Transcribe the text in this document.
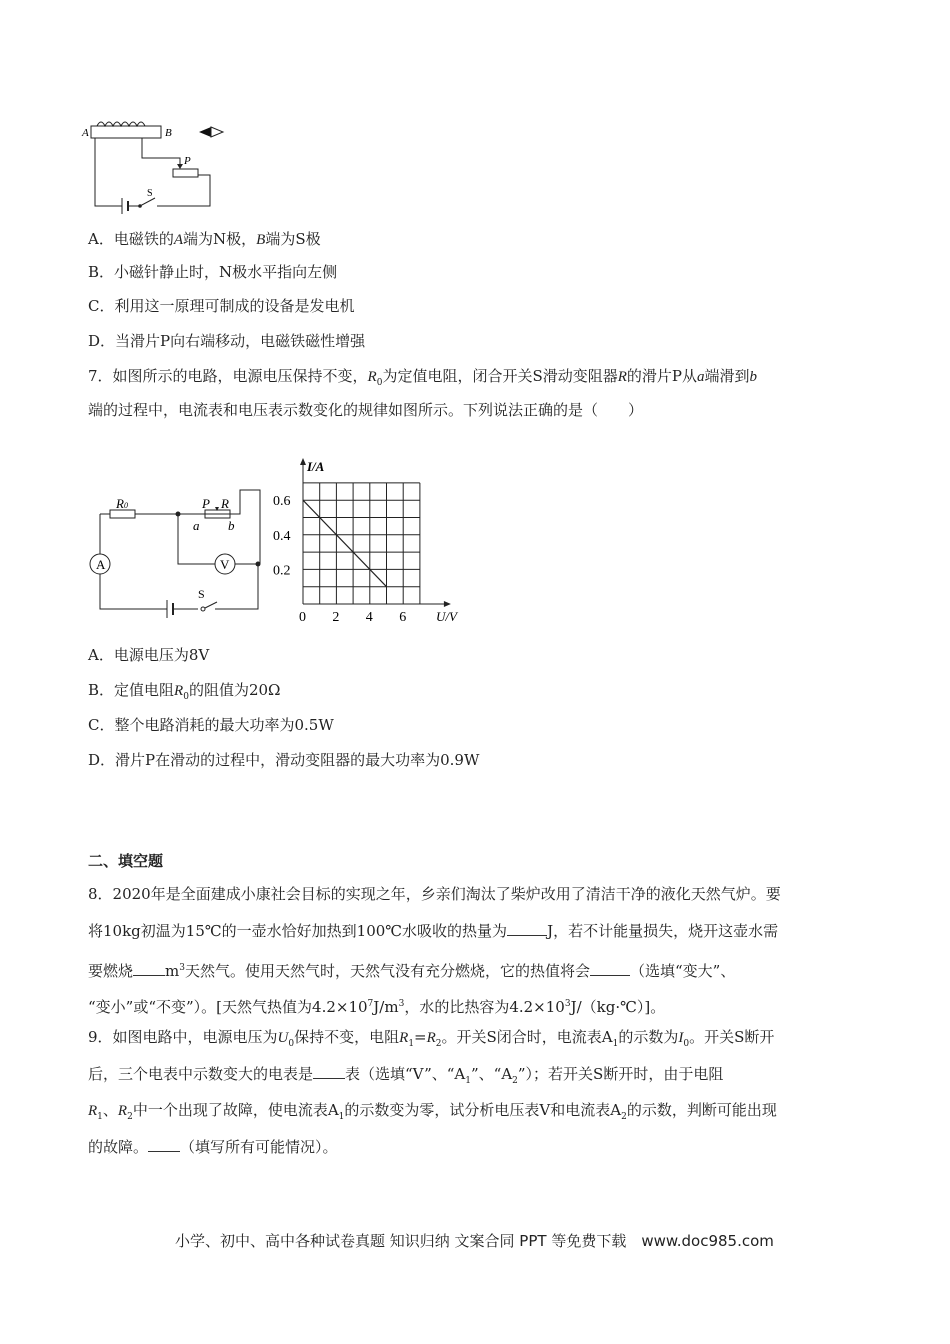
A	B
P
S
A．电磁铁的A端为N极，B端为S极
B．小磁针静止时，N极水平指向左侧
C．利用这一原理可制成的设备是发电机
D．当滑片P向右端移动，电磁铁磁性增强
7．如图所示的电路，电源电压保持不变，$R_0$为定值电阻，闭合开关S滑动变阻器R的滑片P从a端滑到b
端的过程中，电流表和电压表示数变化的规律如图所示。下列说法正确的是（　　）
A	V
R0	P R
a b
S
I/A
U/V
0 2 4 6
0.6
0.4
0.2
A．电源电压为8V
B．定值电阻$R_0$的阻值为20Ω
C．整个电路消耗的最大功率为0.5W
D．滑片P在滑动的过程中，滑动变阻器的最大功率为0.9W
二、填空题
8．2020年是全面建成小康社会目标的实现之年，乡亲们淘汰了柴炉改用了清洁干净的液化天然气炉。要
将10kg初温为15℃的一壶水恰好加热到100℃水吸收的热量为	J，若不计能量损失，烧开这壶水需
要燃烧 $m^3$天然气。使用天然气时，天然气没有充分燃烧，它的热值将会	（选填“变大”、
“变小”或“不变”）。[天然气热值为$4.2\times 10^7J/m^3$，水的比热容为$4.2\times 10^3J/(kg\cdot℃)$]。
9．如图电路中，电源电压为$U_0$保持不变，电阻$R_1=R_2$。开关S闭合时，电流表$A_1$的示数为$I_0$。开关S断开
后，三个电表中示数变大的电表是 表（选填“V”、“$A_1$”、“$A_2$”）；若开关S断开时，由于电阻
$R_1$、$R_2$中一个出现了故障，使电流表$A_1$的示数变为零，试分析电压表V和电流表$A_2$的示数，判断可能出现
的故障。 （填写所有可能情况）。
小学、初中、高中各种试卷真题 知识归纳 文案合同 PPT 等免费下载　www.doc985.com
